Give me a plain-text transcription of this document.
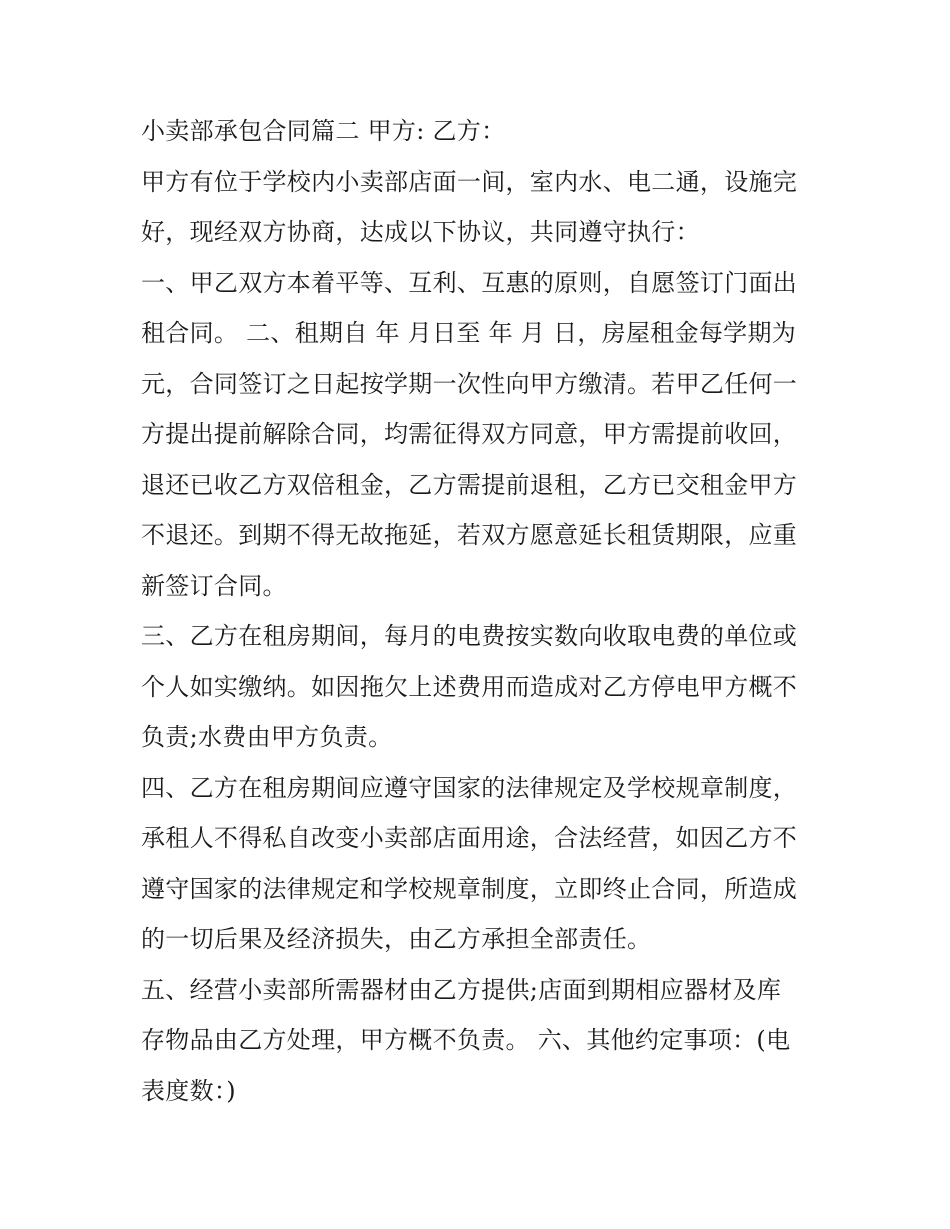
小卖部承包合同篇二 甲方: 乙方：
甲方有位于学校内小卖部店面一间，室内水、电二通，设施完
好，现经双方协商，达成以下协议，共同遵守执行：
一、甲乙双方本着平等、互利、互惠的原则，自愿签订门面出
租合同。 二、租期自 年 月日至 年 月 日，房屋租金每学期为
元，合同签订之日起按学期一次性向甲方缴清。若甲乙任何一
方提出提前解除合同，均需征得双方同意，甲方需提前收回，
退还已收乙方双倍租金，乙方需提前退租，乙方已交租金甲方
不退还。到期不得无故拖延，若双方愿意延长租赁期限，应重
新签订合同。
三、乙方在租房期间，每月的电费按实数向收取电费的单位或
个人如实缴纳。如因拖欠上述费用而造成对乙方停电甲方概不
负责;水费由甲方负责。
四、乙方在租房期间应遵守国家的法律规定及学校规章制度，
承租人不得私自改变小卖部店面用途，合法经营，如因乙方不
遵守国家的法律规定和学校规章制度，立即终止合同，所造成
的一切后果及经济损失，由乙方承担全部责任。
五、经营小卖部所需器材由乙方提供;店面到期相应器材及库
存物品由乙方处理，甲方概不负责。 六、其他约定事项：(电
表度数：)
